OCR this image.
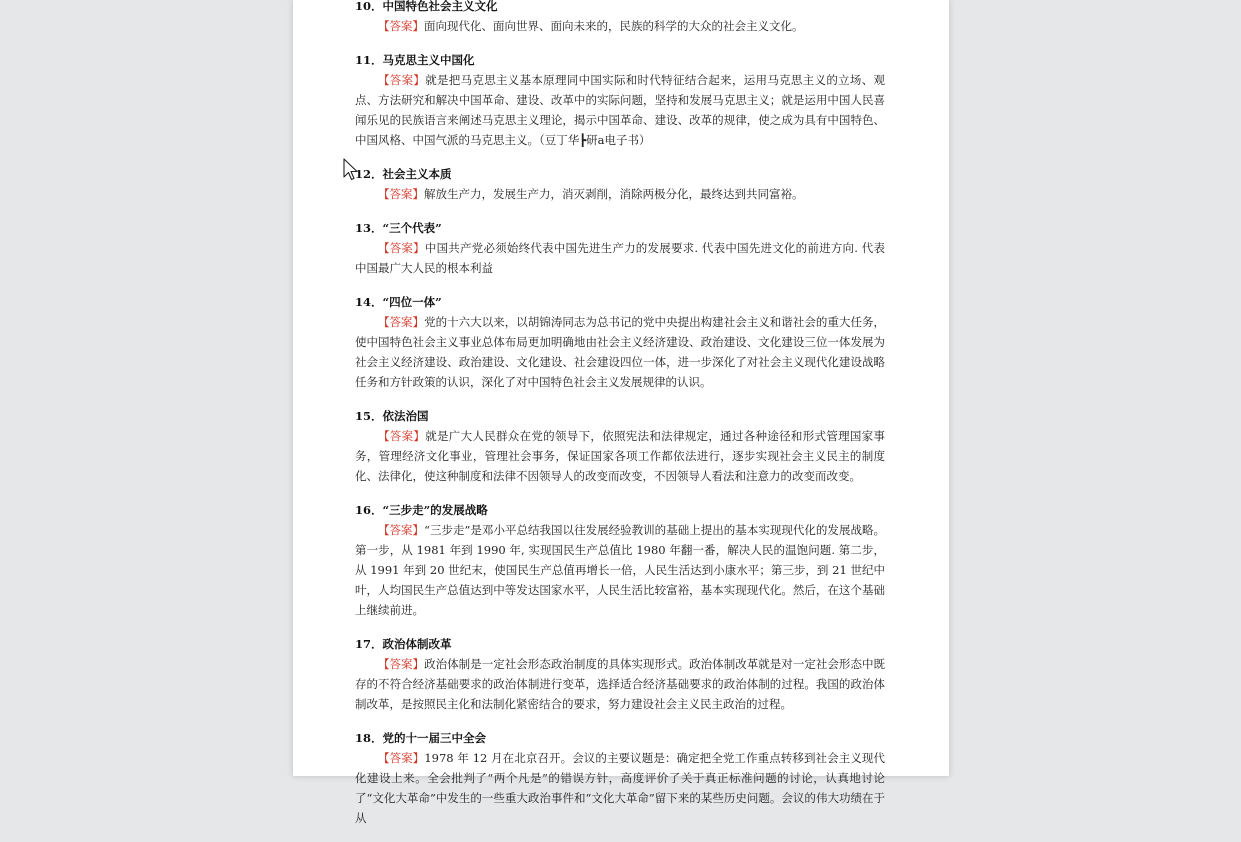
10．中国特色社会主义文化
【答案】面向现代化、面向世界、面向未来的，民族的科学的大众的社会主义文化。
11．马克思主义中国化
【答案】就是把马克思主义基本原理同中国实际和时代特征结合起来，运用马克思主义的立场、观点、方法研究和解决中国革命、建设、改革中的实际问题，坚持和发展马克思主义；就是运用中国人民喜闻乐见的民族语言来阐述马克思主义理论，揭示中国革命、建设、改革的规律，使之成为具有中国特色、中国风格、中国气派的马克思主义。（豆丁华┣研a电子书）
12．社会主义本质
【答案】解放生产力，发展生产力，消灭剥削，消除两极分化，最终达到共同富裕。
13．“三个代表”
【答案】中国共产党必须始终代表中国先进生产力的发展要求. 代表中国先进文化的前进方向. 代表中国最广大人民的根本利益
14．“四位一体”
【答案】党的十六大以来，以胡锦涛同志为总书记的党中央提出构建社会主义和谐社会的重大任务，使中国特色社会主义事业总体布局更加明确地由社会主义经济建设、政治建设、文化建设三位一体发展为社会主义经济建设、政治建设、文化建设、社会建设四位一体，进一步深化了对社会主义现代化建设战略任务和方针政策的认识，深化了对中国特色社会主义发展规律的认识。
15．依法治国
【答案】就是广大人民群众在党的领导下，依照宪法和法律规定，通过各种途径和形式管理国家事务，管理经济文化事业，管理社会事务，保证国家各项工作都依法进行，逐步实现社会主义民主的制度化、法律化，使这种制度和法律不因领导人的改变而改变，不因领导人看法和注意力的改变而改变。
16．“三步走”的发展战略
【答案】“三步走”是邓小平总结我国以往发展经验教训的基础上提出的基本实现现代化的发展战略。第一步，从 1981 年到 1990 年, 实现国民生产总值比 1980 年翻一番，解决人民的温饱问题. 第二步，从 1991 年到 20 世纪末，使国民生产总值再增长一倍，人民生活达到小康水平；第三步，到 21 世纪中叶，人均国民生产总值达到中等发达国家水平，人民生活比较富裕，基本实现现代化。然后，在这个基础上继续前进。
17．政治体制改革
【答案】政治体制是一定社会形态政治制度的具体实现形式。政治体制改革就是对一定社会形态中既存的不符合经济基础要求的政治体制进行变革，选择适合经济基础要求的政治体制的过程。我国的政治体制改革，是按照民主化和法制化紧密结合的要求，努力建设社会主义民主政治的过程。
18．党的十一届三中全会
【答案】1978 年 12 月在北京召开。会议的主要议题是：确定把全党工作重点转移到社会主义现代化建设上来。全会批判了“两个凡是”的错误方针，高度评价了关于真正标准问题的讨论，认真地讨论了“文化大革命”中发生的一些重大政治事件和“文化大革命”留下来的某些历史问题。会议的伟大功绩在于从
